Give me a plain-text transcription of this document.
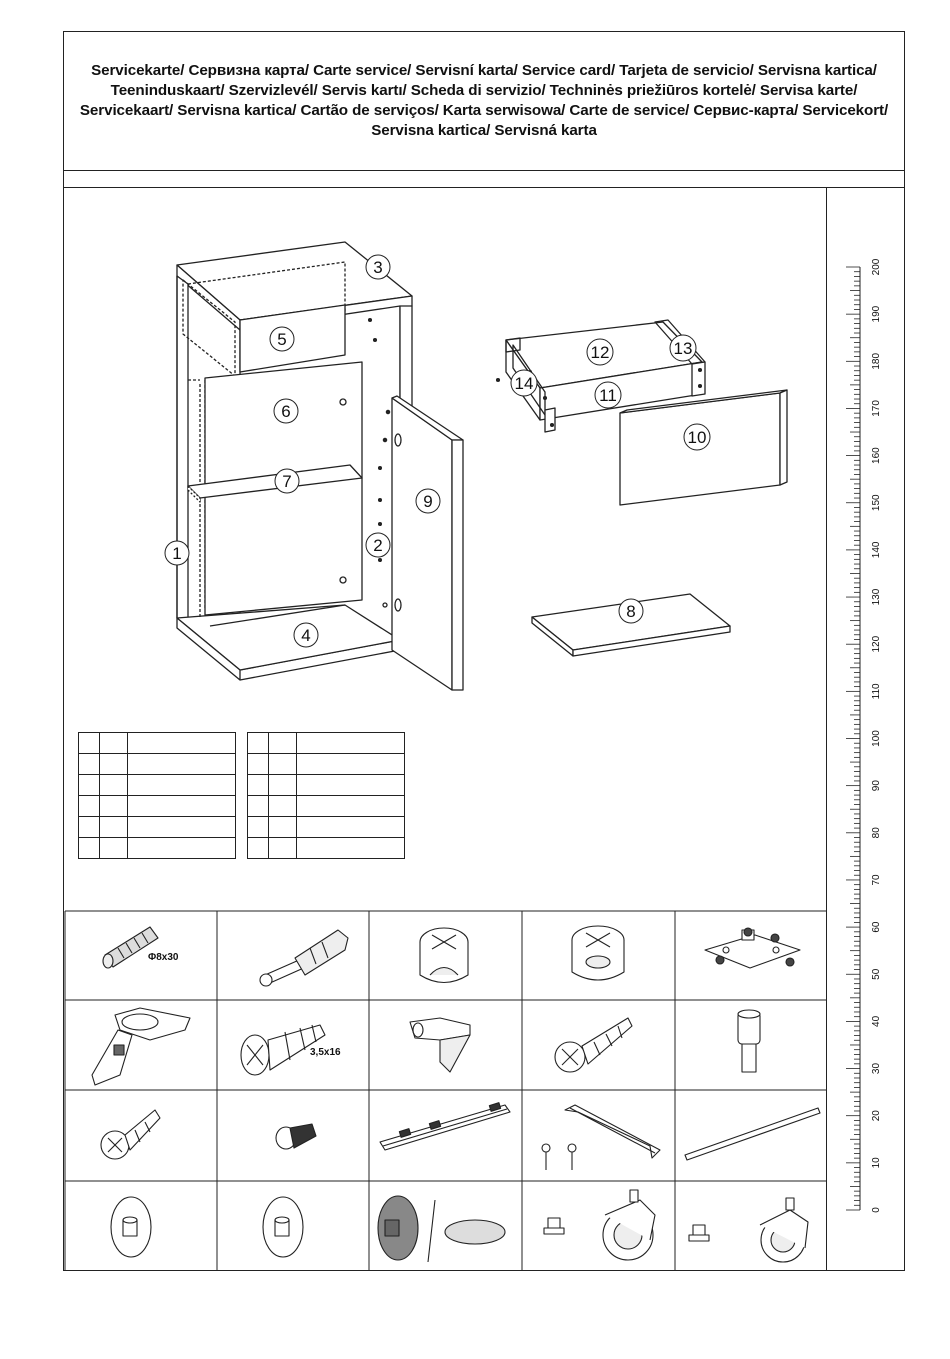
Servicekarte/ Сервизна карта/ Carte service/ Servisní karta/ Service card/ Tarjeta de servicio/ Servisna kartica/ Teeninduskaart/ Szervizlevél/ Servis kartı/ Scheda di servizio/ Techninės priežiūros kortelė/ Servisa karte/ Servicekaart/ Servisna kartica/ Cartão de serviços/ Karta serwisowa/ Carte de service/ Сервис-карта/ Servicekort/ Servisna kartica/ Servisná karta
1	2
3
4
5
6
7
8
9
10
11
12	13
14

Φ8x30
3,5x16
0
10
20
30
40
50
60
70
80
90
100
110
120
130
140
150
160
170
180
190
200
